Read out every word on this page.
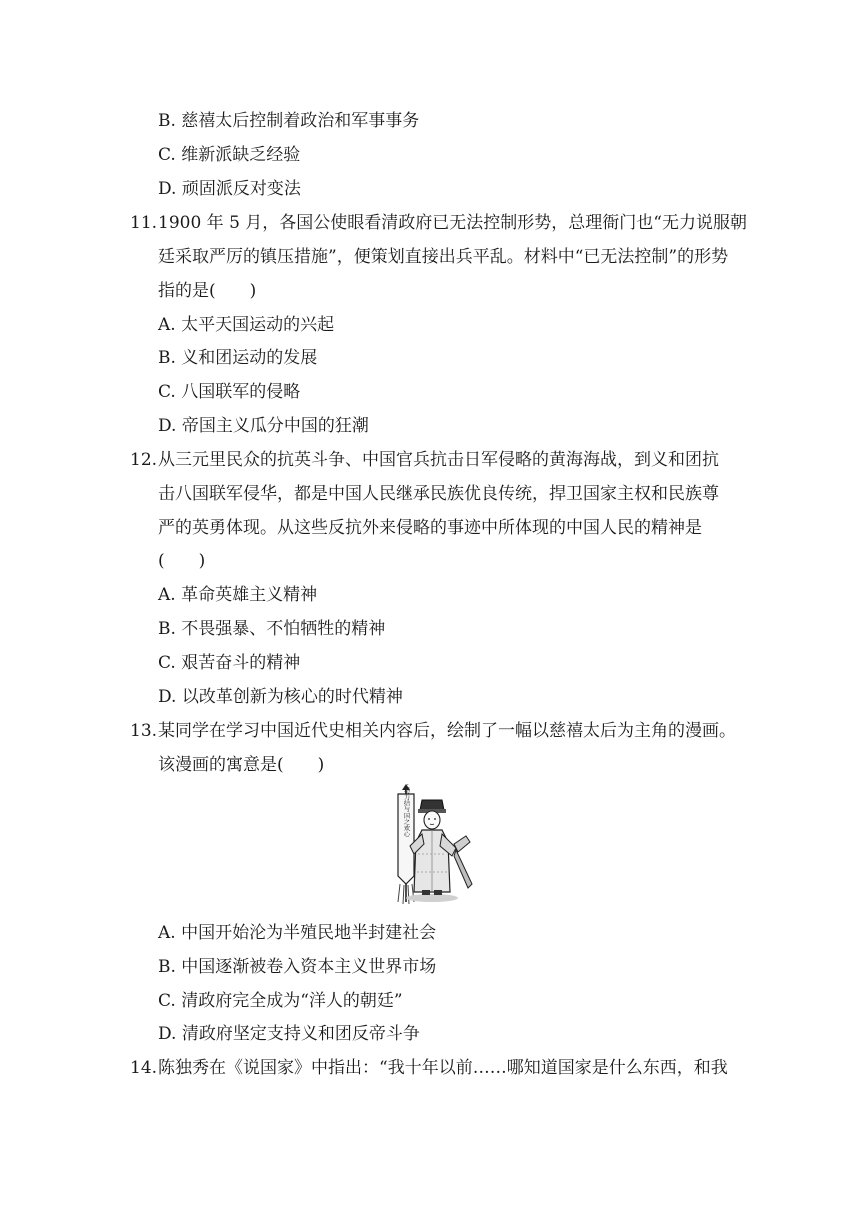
B. 慈禧太后控制着政治和军事事务
C. 维新派缺乏经验
D. 顽固派反对变法
11. 1900 年 5 月，各国公使眼看清政府已无法控制形势，总理衙门也“无力说服朝
廷采取严厉的镇压措施”，便策划直接出兵平乱。材料中“已无法控制”的形势
指的是(　　)
A. 太平天国运动的兴起
B. 义和团运动的发展
C. 八国联军的侵略
D. 帝国主义瓜分中国的狂潮
12. 从三元里民众的抗英斗争、中国官兵抗击日军侵略的黄海海战，到义和团抗
击八国联军侵华，都是中国人民继承民族优良传统，捍卫国家主权和民族尊
严的英勇体现。从这些反抗外来侵略的事迹中所体现的中国人民的精神是
(　　)
A. 革命英雄主义精神
B. 不畏强暴、不怕牺牲的精神
C. 艰苦奋斗的精神
D. 以改革创新为核心的时代精神
13. 某同学在学习中国近代史相关内容后，绘制了一幅以慈禧太后为主角的漫画。
该漫画的寓意是(　　)	量中华之物力结与国之欢心
A. 中国开始沦为半殖民地半封建社会
B. 中国逐渐被卷入资本主义世界市场
C. 清政府完全成为“洋人的朝廷”
D. 清政府坚定支持义和团反帝斗争
14. 陈独秀在《说国家》中指出：“我十年以前……哪知道国家是什么东西，和我
